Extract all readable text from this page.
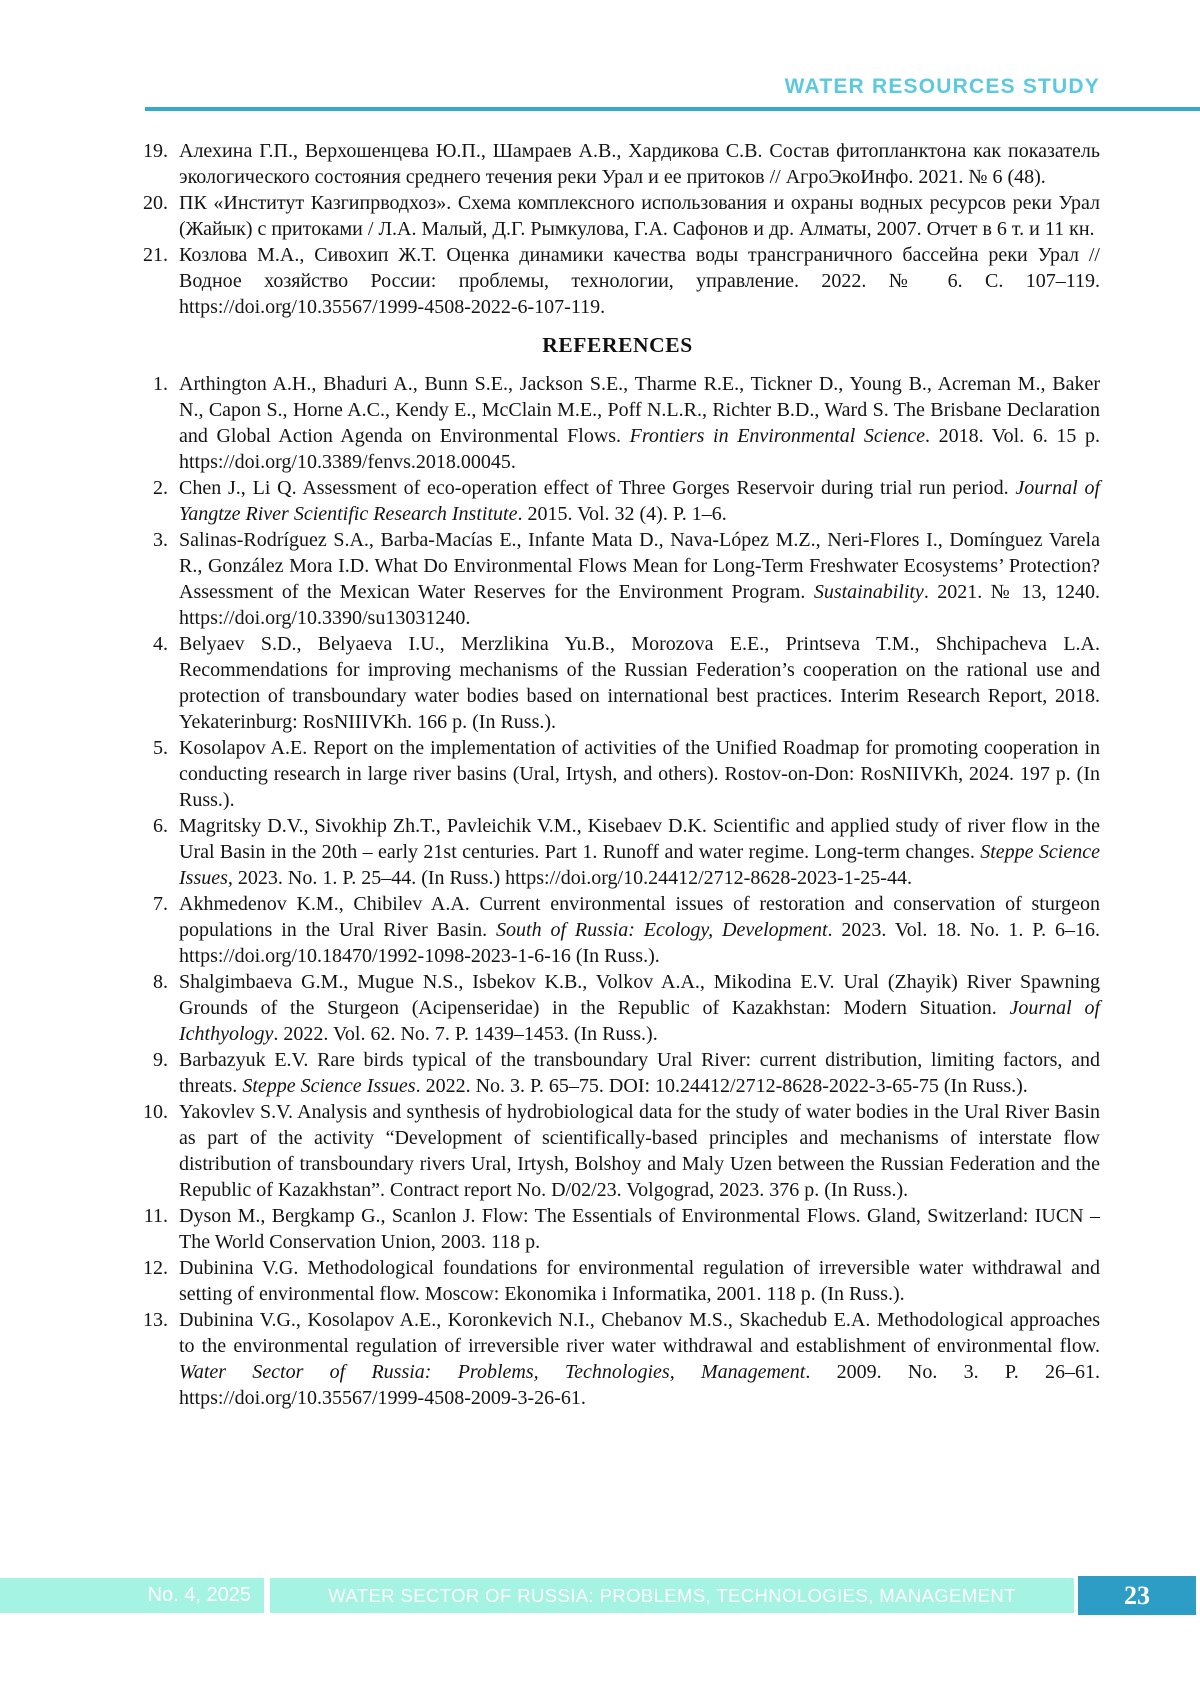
WATER RESOURCES STUDY
19. Алехина Г.П., Верхошенцева Ю.П., Шамраев А.В., Хардикова С.В. Состав фитопланктона как показатель экологического состояния среднего течения реки Урал и ее притоков // АгроЭкоИнфо. 2021. № 6 (48).
20. ПК «Институт Казгипрводхоз». Схема комплексного использования и охраны водных ресурсов реки Урал (Жайык) с притоками / Л.А. Малый, Д.Г. Рымкулова, Г.А. Сафонов и др. Алматы, 2007. Отчет в 6 т. и 11 кн.
21. Козлова М.А., Сивохип Ж.Т. Оценка динамики качества воды трансграничного бассейна реки Урал // Водное хозяйство России: проблемы, технологии, управление. 2022. № 6. С. 107–119. https://doi.org/10.35567/1999-4508-2022-6-107-119.
REFERENCES
1. Arthington A.H., Bhaduri A., Bunn S.E., Jackson S.E., Tharme R.E., Tickner D., Young B., Acreman M., Baker N., Capon S., Horne A.C., Kendy E., McClain M.E., Poff N.L.R., Richter B.D., Ward S. The Brisbane Declaration and Global Action Agenda on Environmental Flows. Frontiers in Environmental Science. 2018. Vol. 6. 15 p. https://doi.org/10.3389/fenvs.2018.00045.
2. Chen J., Li Q. Assessment of eco-operation effect of Three Gorges Reservoir during trial run period. Journal of Yangtze River Scientific Research Institute. 2015. Vol. 32 (4). P. 1–6.
3. Salinas-Rodríguez S.A., Barba-Macías E., Infante Mata D., Nava-López M.Z., Neri-Flores I., Domínguez Varela R., González Mora I.D. What Do Environmental Flows Mean for Long-Term Freshwater Ecosystems’ Protection? Assessment of the Mexican Water Reserves for the Environment Program. Sustainability. 2021. № 13, 1240. https://doi.org/10.3390/su13031240.
4. Belyaev S.D., Belyaeva I.U., Merzlikina Yu.B., Morozova E.E., Printseva T.M., Shchipacheva L.A. Recommendations for improving mechanisms of the Russian Federation’s cooperation on the rational use and protection of transboundary water bodies based on international best practices. Interim Research Report, 2018. Yekaterinburg: RosNIIIVKh. 166 p. (In Russ.).
5. Kosolapov A.E. Report on the implementation of activities of the Unified Roadmap for promoting cooperation in conducting research in large river basins (Ural, Irtysh, and others). Rostov-on-Don: RosNIIVKh, 2024. 197 p. (In Russ.).
6. Magritsky D.V., Sivokhip Zh.T., Pavleichik V.M., Kisebaev D.K. Scientific and applied study of river flow in the Ural Basin in the 20th – early 21st centuries. Part 1. Runoff and water regime. Long-term changes. Steppe Science Issues, 2023. No. 1. P. 25–44. (In Russ.) https://doi.org/10.24412/2712-8628-2023-1-25-44.
7. Akhmedenov K.M., Chibilev A.A. Current environmental issues of restoration and conservation of sturgeon populations in the Ural River Basin. South of Russia: Ecology, Development. 2023. Vol. 18. No. 1. P. 6–16. https://doi.org/10.18470/1992-1098-2023-1-6-16 (In Russ.).
8. Shalgimbaeva G.M., Mugue N.S., Isbekov K.B., Volkov A.A., Mikodina E.V. Ural (Zhayik) River Spawning Grounds of the Sturgeon (Acipenseridae) in the Republic of Kazakhstan: Modern Situation. Journal of Ichthyology. 2022. Vol. 62. No. 7. P. 1439–1453. (In Russ.).
9. Barbazyuk E.V. Rare birds typical of the transboundary Ural River: current distribution, limiting factors, and threats. Steppe Science Issues. 2022. No. 3. P. 65–75. DOI: 10.24412/2712-8628-2022-3-65-75 (In Russ.).
10. Yakovlev S.V. Analysis and synthesis of hydrobiological data for the study of water bodies in the Ural River Basin as part of the activity “Development of scientifically-based principles and mechanisms of interstate flow distribution of transboundary rivers Ural, Irtysh, Bolshoy and Maly Uzen between the Russian Federation and the Republic of Kazakhstan”. Contract report No. D/02/23. Volgograd, 2023. 376 p. (In Russ.).
11. Dyson M., Bergkamp G., Scanlon J. Flow: The Essentials of Environmental Flows. Gland, Switzerland: IUCN – The World Conservation Union, 2003. 118 p.
12. Dubinina V.G. Methodological foundations for environmental regulation of irreversible water withdrawal and setting of environmental flow. Moscow: Ekonomika i Informatika, 2001. 118 p. (In Russ.).
13. Dubinina V.G., Kosolapov A.E., Koronkevich N.I., Chebanov M.S., Skachedub E.A. Methodological approaches to the environmental regulation of irreversible river water withdrawal and establishment of environmental flow. Water Sector of Russia: Problems, Technologies, Management. 2009. No. 3. P. 26–61. https://doi.org/10.35567/1999-4508-2009-3-26-61.
No. 4, 2025	WATER SECTOR OF RUSSIA: PROBLEMS, TECHNOLOGIES, MANAGEMENT	23
